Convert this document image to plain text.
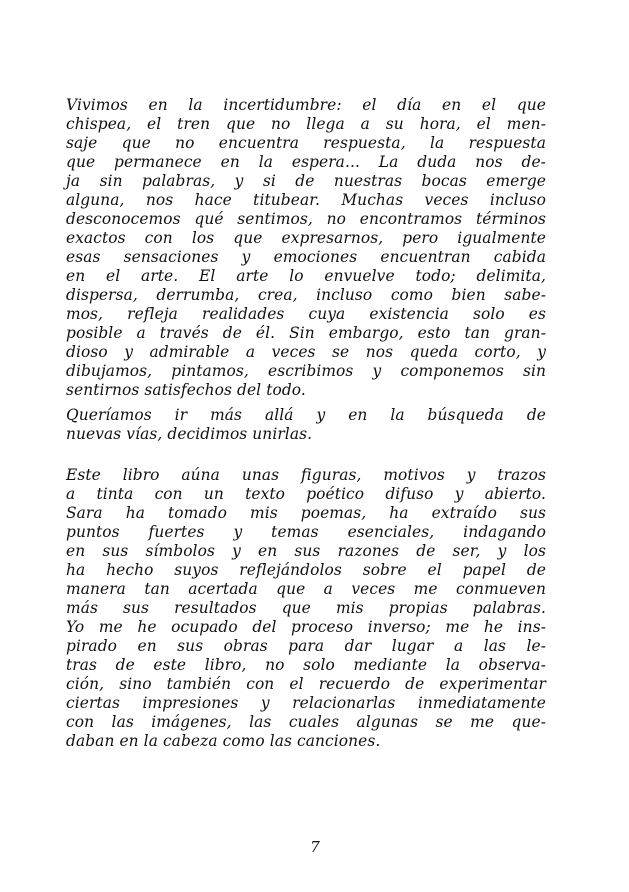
Vivimos en la incertidumbre: el día en el que
chispea, el tren que no llega a su hora, el men-
saje que no encuentra respuesta, la respuesta
que permanece en la espera... La duda nos de-
ja sin palabras, y si de nuestras bocas emerge
alguna, nos hace titubear. Muchas veces incluso
desconocemos qué sentimos, no encontramos términos
exactos con los que expresarnos, pero igualmente
esas sensaciones y emociones encuentran cabida
en el arte. El arte lo envuelve todo; delimita,
dispersa, derrumba, crea, incluso como bien sabe-
mos, refleja realidades cuya existencia solo es
posible a través de él. Sin embargo, esto tan gran-
dioso y admirable a veces se nos queda corto, y
dibujamos, pintamos, escribimos y componemos sin
sentirnos satisfechos del todo.
Queríamos ir más allá y en la búsqueda de
nuevas vías, decidimos unirlas.
Este libro aúna unas figuras, motivos y trazos
a tinta con un texto poético difuso y abierto.
Sara ha tomado mis poemas, ha extraído sus
puntos fuertes y temas esenciales, indagando
en sus símbolos y en sus razones de ser, y los
ha hecho suyos reflejándolos sobre el papel de
manera tan acertada que a veces me conmueven
más sus resultados que mis propias palabras.
Yo me he ocupado del proceso inverso; me he ins-
pirado en sus obras para dar lugar a las le-
tras de este libro, no solo mediante la observa-
ción, sino también con el recuerdo de experimentar
ciertas impresiones y relacionarlas inmediatamente
con las imágenes, las cuales algunas se me que-
daban en la cabeza como las canciones.
7
